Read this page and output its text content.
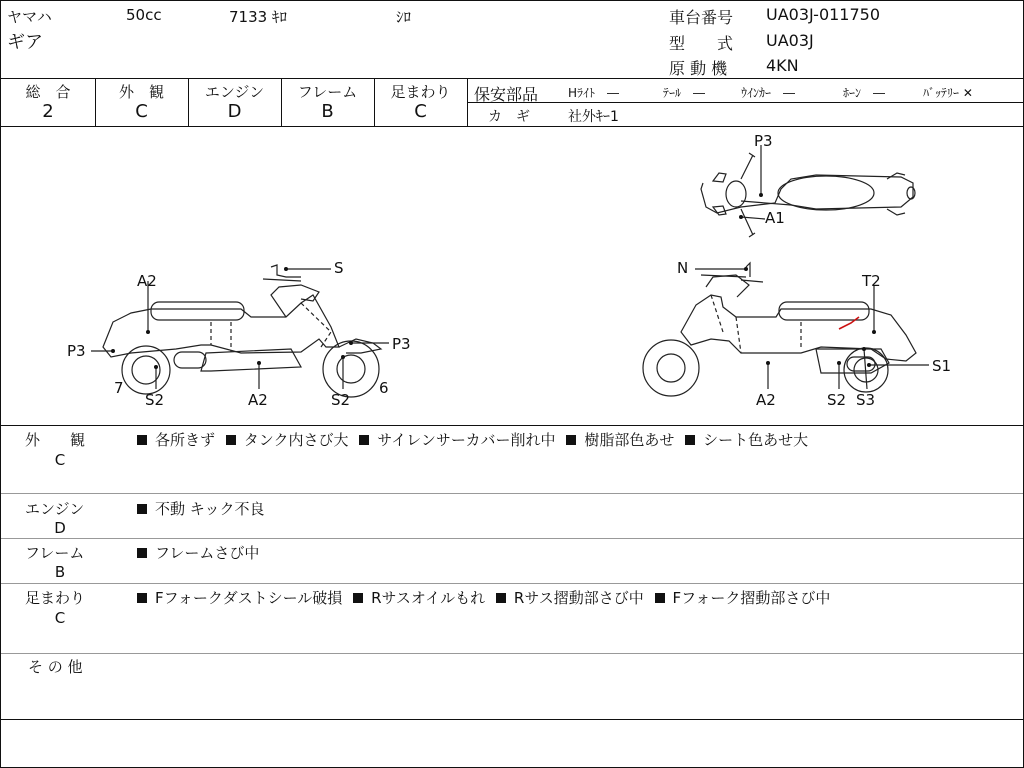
ヤマハ
ギア
50cc	7133 ｷﾛ	ｼﾛ	車台番号 UA03J-011750
型　　式 UA03J
原 動 機 4KN
総　合
2
外　観
C
エンジン
D
フレーム
B
足まわり
C
保安部品 Hﾗｲﾄ　―	ﾃｰﾙ　―	ｳｲﾝｶｰ　―	ﾎｰﾝ　―	ﾊﾞｯﾃﾘｰ ✕
カ　ギ	社外ｷｰ1
P3
A1
S
A2
P3	P3
7	6
S2	A2	S2
N
T2
S1
A2	S2 S3
外　　観
C
各所きず タンク内さび大 サイレンサーカバー削れ中 樹脂部色あせ シート色あせ大
エンジン
D
不動 キック不良
フレーム
B
フレームさび中
足まわり
C
Fフォークダストシール破損 Rサスオイルもれ Rサス摺動部さび中 Fフォーク摺動部さび中
そ の 他
